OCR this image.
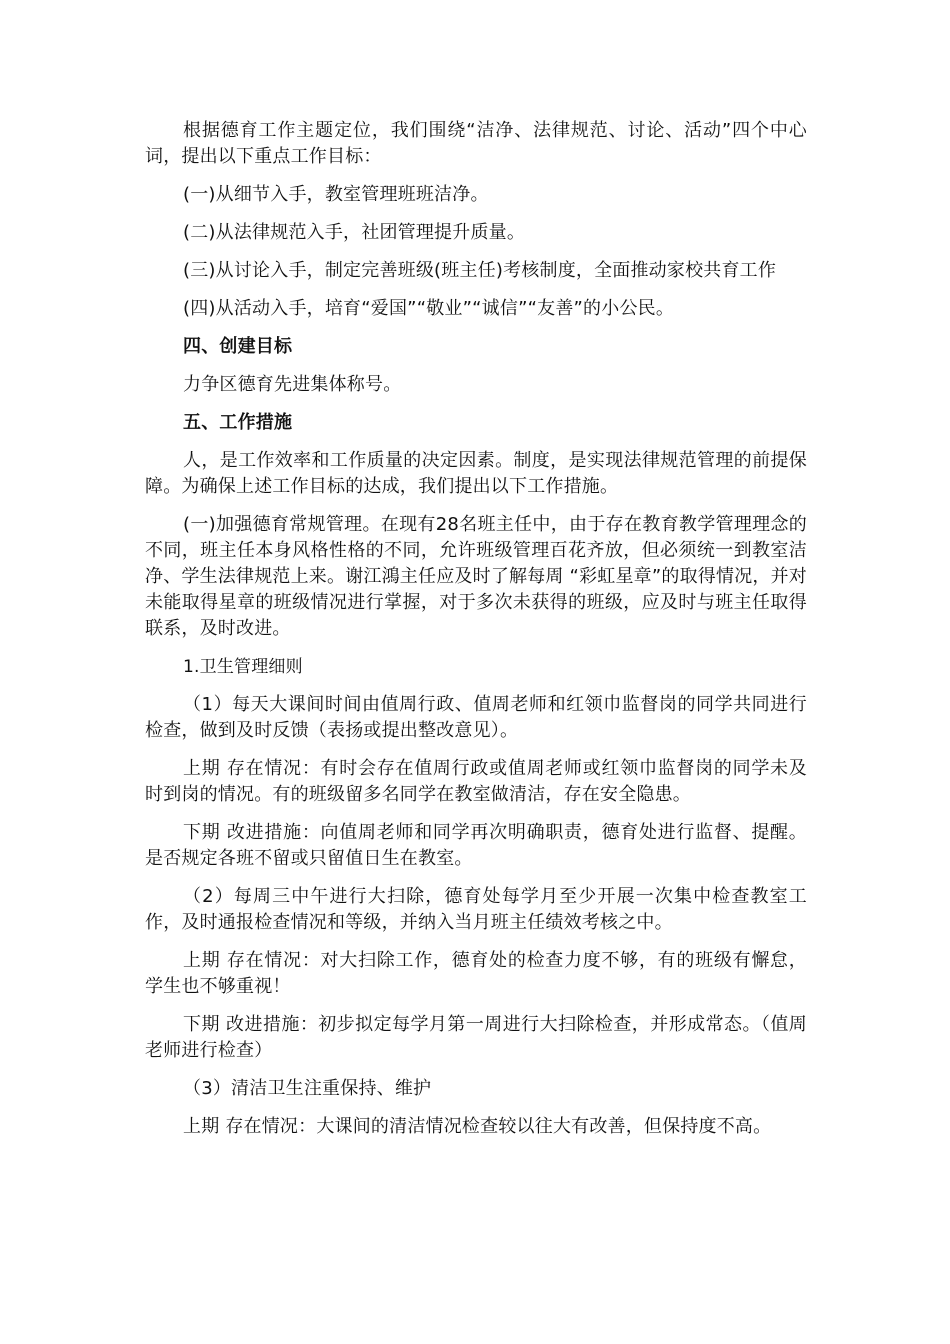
根据德育工作主题定位，我们围绕“洁净、法律规范、讨论、活动”四个中心词，提出以下重点工作目标：

(一)从细节入手，教室管理班班洁净。

(二)从法律规范入手，社团管理提升质量。

(三)从讨论入手，制定完善班级(班主任)考核制度，全面推动家校共育工作

(四)从活动入手，培育“爱国”“敬业”“诚信”“友善”的小公民。

四、创建目标

力争区德育先进集体称号。

五、工作措施

人，是工作效率和工作质量的决定因素。制度，是实现法律规范管理的前提保障。为确保上述工作目标的达成，我们提出以下工作措施。

(一)加强德育常规管理。在现有28名班主任中，由于存在教育教学管理理念的不同，班主任本身风格性格的不同，允许班级管理百花齐放，但必须统一到教室洁净、学生法律规范上来。谢江鴻主任应及时了解每周 “彩虹星章”的取得情况，并对未能取得星章的班级情况进行掌握，对于多次未获得的班级，应及时与班主任取得联系，及时改进。

1.卫生管理细则

（1）每天大课间时间由值周行政、值周老师和红领巾监督岗的同学共同进行检查，做到及时反馈（表扬或提出整改意见）。

上期 存在情况：有时会存在值周行政或值周老师或红领巾监督岗的同学未及时到岗的情况。有的班级留多名同学在教室做清洁，存在安全隐患。

下期 改进措施：向值周老师和同学再次明确职责，德育处进行监督、提醒。是否规定各班不留或只留值日生在教室。

（2）每周三中午进行大扫除，德育处每学月至少开展一次集中检查教室工作，及时通报检查情况和等级，并纳入当月班主任绩效考核之中。

上期 存在情况：对大扫除工作，德育处的检查力度不够，有的班级有懈怠，学生也不够重视！

下期 改进措施：初步拟定每学月第一周进行大扫除检查，并形成常态。（值周老师进行检查）

（3）清洁卫生注重保持、维护

上期 存在情况：大课间的清洁情况检查较以往大有改善，但保持度不高。
